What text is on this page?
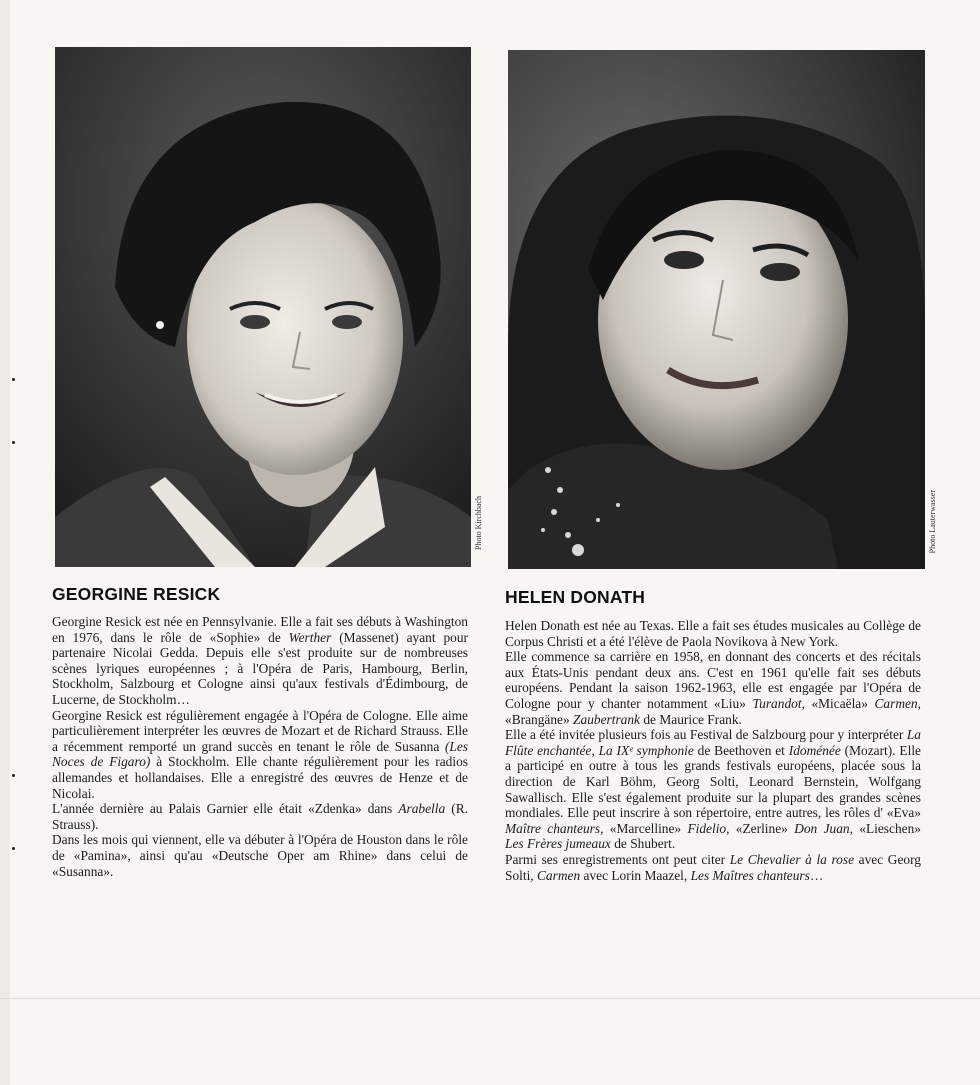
Photo Kirchbach	Photo Lauterwasser
GEORGINE RESICK	HELEN DONATH

Georgine Resick est née en Pennsylvanie. Elle a fait ses débuts à Washington en 1976, dans le rôle de «Sophie» de Werther (Massenet) ayant pour partenaire Nicolai Gedda. Depuis elle s'est produite sur de nombreuses scènes lyriques européennes ; à l'Opéra de Paris, Hambourg, Berlin, Stockholm, Salzbourg et Cologne ainsi qu'aux festivals d'Édimbourg, de Lucerne, de Stockholm…

Georgine Resick est régulièrement engagée à l'Opéra de Cologne. Elle aime particulièrement interpréter les œuvres de Mozart et de Richard Strauss. Elle a récemment remporté un grand succès en tenant le rôle de Susanna (Les Noces de Figaro) à Stockholm. Elle chante régulièrement pour les radios allemandes et hollandaises. Elle a enregistré des œuvres de Henze et de Nicolai.

L'année dernière au Palais Garnier elle était «Zdenka» dans Arabella (R. Strauss).

Dans les mois qui viennent, elle va débuter à l'Opéra de Houston dans le rôle de «Pamina», ainsi qu'au «Deutsche Oper am Rhine» dans celui de «Susanna».

Helen Donath est née au Texas. Elle a fait ses études musicales au Collège de Corpus Christi et a été l'élève de Paola Novikova à New York.

Elle commence sa carrière en 1958, en donnant des concerts et des récitals aux États-Unis pendant deux ans. C'est en 1961 qu'elle fait ses débuts européens. Pendant la saison 1962-1963, elle est engagée par l'Opéra de Cologne pour y chanter notamment «Liu» Turandot, «Micaëla» Carmen, «Brangäne» Zaubertrank de Maurice Frank.

Elle a été invitée plusieurs fois au Festival de Salzbourg pour y interpréter La Flûte enchantée, La IXᵉ symphonie de Beethoven et Idoménée (Mozart). Elle a participé en outre à tous les grands festivals européens, placée sous la direction de Karl Böhm, Georg Solti, Leonard Bernstein, Wolfgang Sawallisch. Elle s'est également produite sur la plupart des grandes scènes mondiales. Elle peut inscrire à son répertoire, entre autres, les rôles d' «Eva» Maître chanteurs, «Marcelline» Fidelio, «Zerline» Don Juan, «Lieschen» Les Frères jumeaux de Shubert.

Parmi ses enregistrements ont peut citer Le Chevalier à la rose avec Georg Solti, Carmen avec Lorin Maazel, Les Maîtres chanteurs…
